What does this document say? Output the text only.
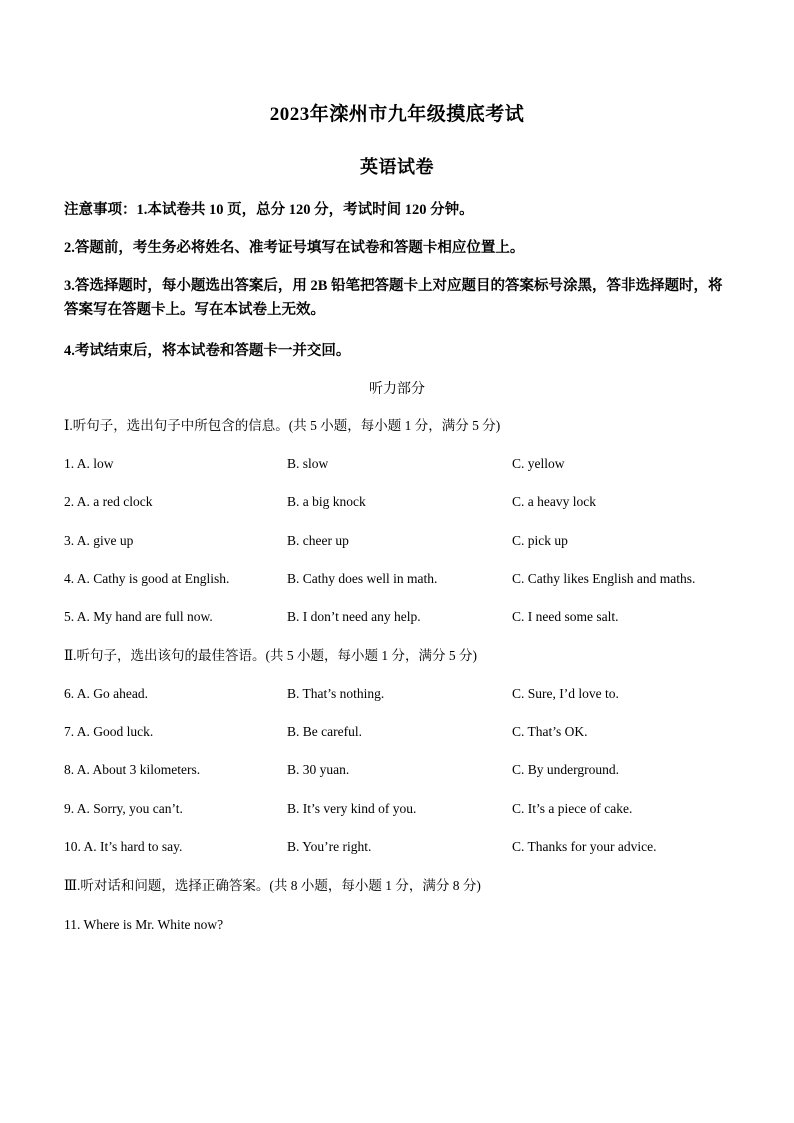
2023年滦州市九年级摸底考试
英语试卷
注意事项：1.本试卷共 10 页，总分 120 分，考试时间 120 分钟。
2.答题前，考生务必将姓名、准考证号填写在试卷和答题卡相应位置上。
3.答选择题时，每小题选出答案后，用 2B 铅笔把答题卡上对应题目的答案标号涂黑，答非选择题时，将答案写在答题卡上。写在本试卷上无效。
4.考试结束后，将本试卷和答题卡一并交回。
听力部分
Ⅰ.听句子，选出句子中所包含的信息。(共 5 小题，每小题 1 分，满分 5 分)
1. A. low	B. slow	C. yellow
2. A. a red clock	B. a big knock	C. a heavy lock
3. A. give up	B. cheer up	C. pick up
4. A. Cathy is good at English.	B. Cathy does well in math.	C. Cathy likes English and maths.
5. A. My hand are full now.	B. I don’t need any help.	C. I need some salt.
Ⅱ.听句子，选出该句的最佳答语。(共 5 小题，每小题 1 分，满分 5 分)
6. A. Go ahead.	B. That’s nothing.	C. Sure, I’d love to.
7. A. Good luck.	B. Be careful.	C. That’s OK.
8. A. About 3 kilometers.	B. 30 yuan.	C. By underground.
9. A. Sorry, you can’t.	B. It’s very kind of you.	C. It’s a piece of cake.
10. A. It’s hard to say.	B. You’re right.	C. Thanks for your advice.
Ⅲ.听对话和问题，选择正确答案。(共 8 小题，每小题 1 分，满分 8 分)
11. Where is Mr. White now?
